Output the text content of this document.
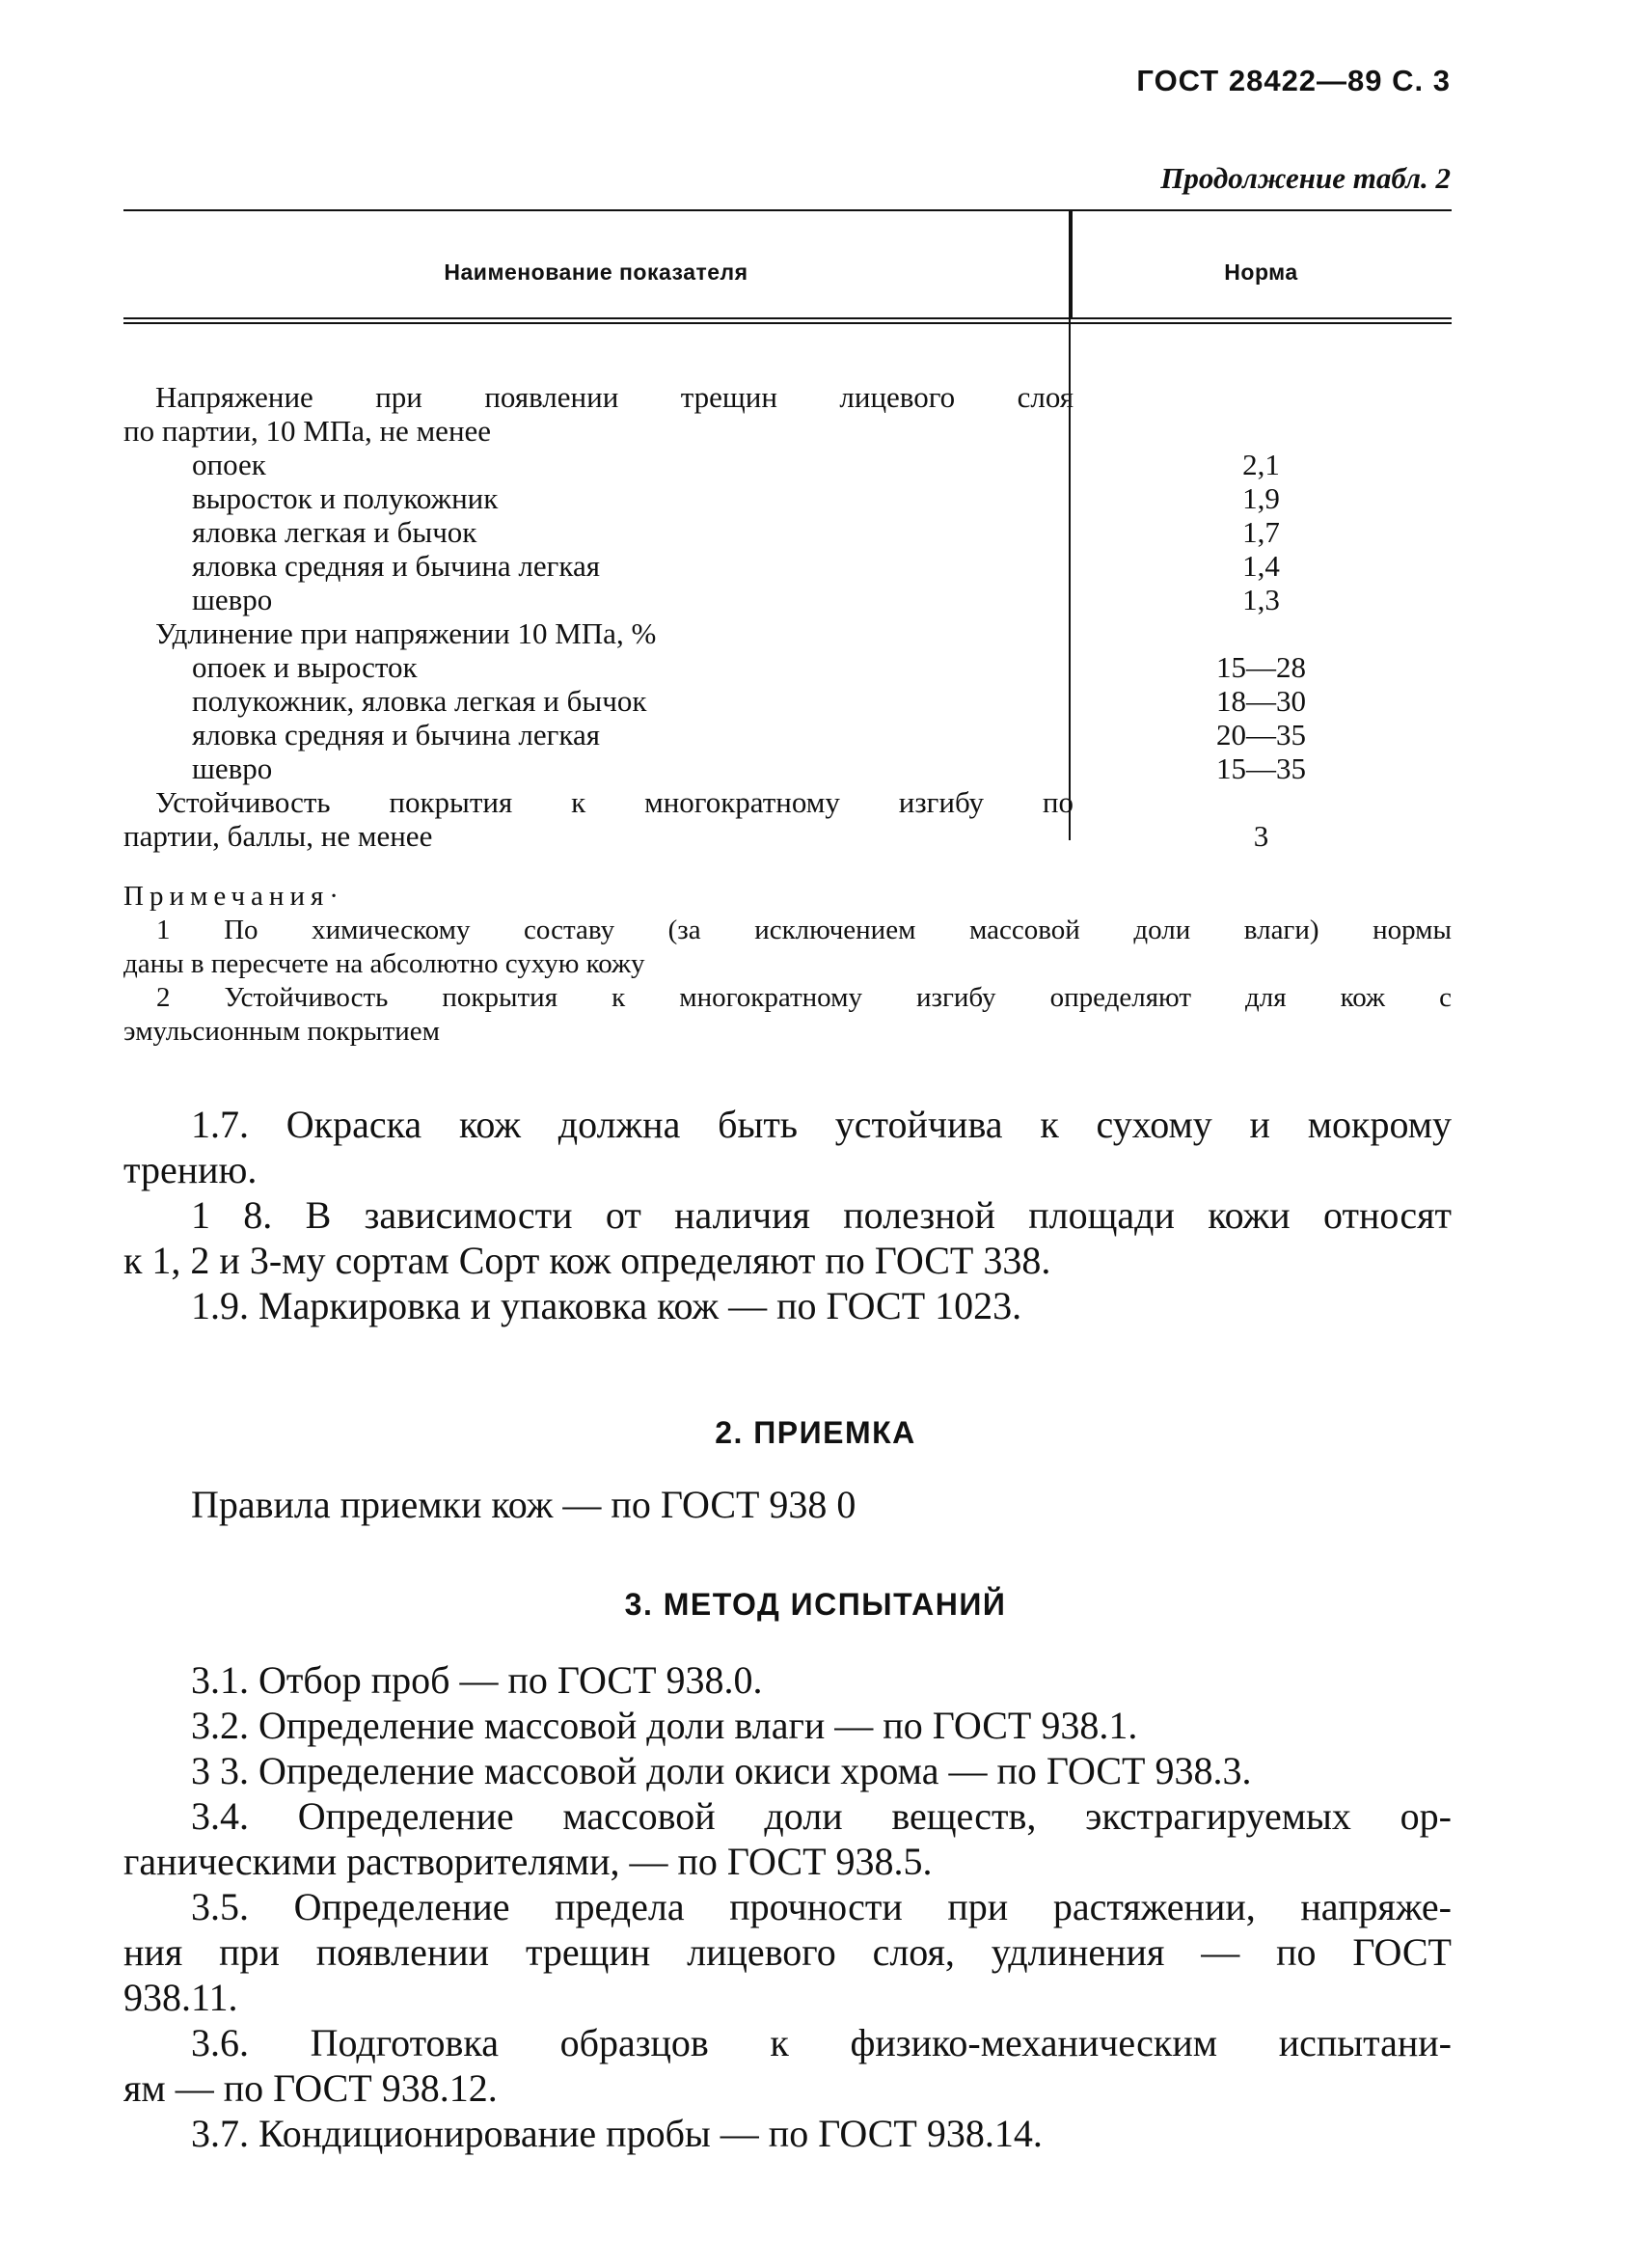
ГОСТ 28422—89 С. 3
Продолжение табл. 2
Наименование показателя	Норма
Напряжение при появлении трещин лицевого слоя
по партии, 10 МПа, не менее
опоек	2,1
выросток и полукожник	1,9
яловка легкая и бычок	1,7
яловка средняя и бычина легкая	1,4
шевро	1,3
Удлинение при напряжении 10 МПа, %
опоек и выросток	15—28
полукожник, яловка легкая и бычок	18—30
яловка средняя и бычина легкая	20—35
шевро	15—35
Устойчивость покрытия к многократному изгибу по
партии, баллы, не менее	3
Примечания·
1 По химическому составу (за исключением массовой доли влаги) нормы
даны в пересчете на абсолютно сухую кожу
2 Устойчивость покрытия к многократному изгибу определяют для кож с
эмульсионным покрытием

1.7. Окраска кож должна быть устойчива к сухому и мокрому

трению.

1 8. В зависимости от наличия полезной площади кожи относят

к 1, 2 и 3-му сортам Сорт кож определяют по ГОСТ 338.

1.9. Маркировка и упаковка кож — по ГОСТ 1023.

2. ПРИЕМКА

Правила приемки кож — по ГОСТ 938 0

3. МЕТОД ИСПЫТАНИЙ

3.1. Отбор проб — по ГОСТ 938.0.

3.2. Определение массовой доли влаги — по ГОСТ 938.1.

3 3. Определение массовой доли окиси хрома — по ГОСТ 938.3.

3.4. Определение массовой доли веществ, экстрагируемых ор-

ганическими растворителями, — по ГОСТ 938.5.

3.5. Определение предела прочности при растяжении, напряже-

ния при появлении трещин лицевого слоя, удлинения — по ГОСТ

938.11.

3.6. Подготовка образцов к физико-механическим испытани-

ям — по ГОСТ 938.12.

3.7. Кондиционирование пробы — по ГОСТ 938.14.
